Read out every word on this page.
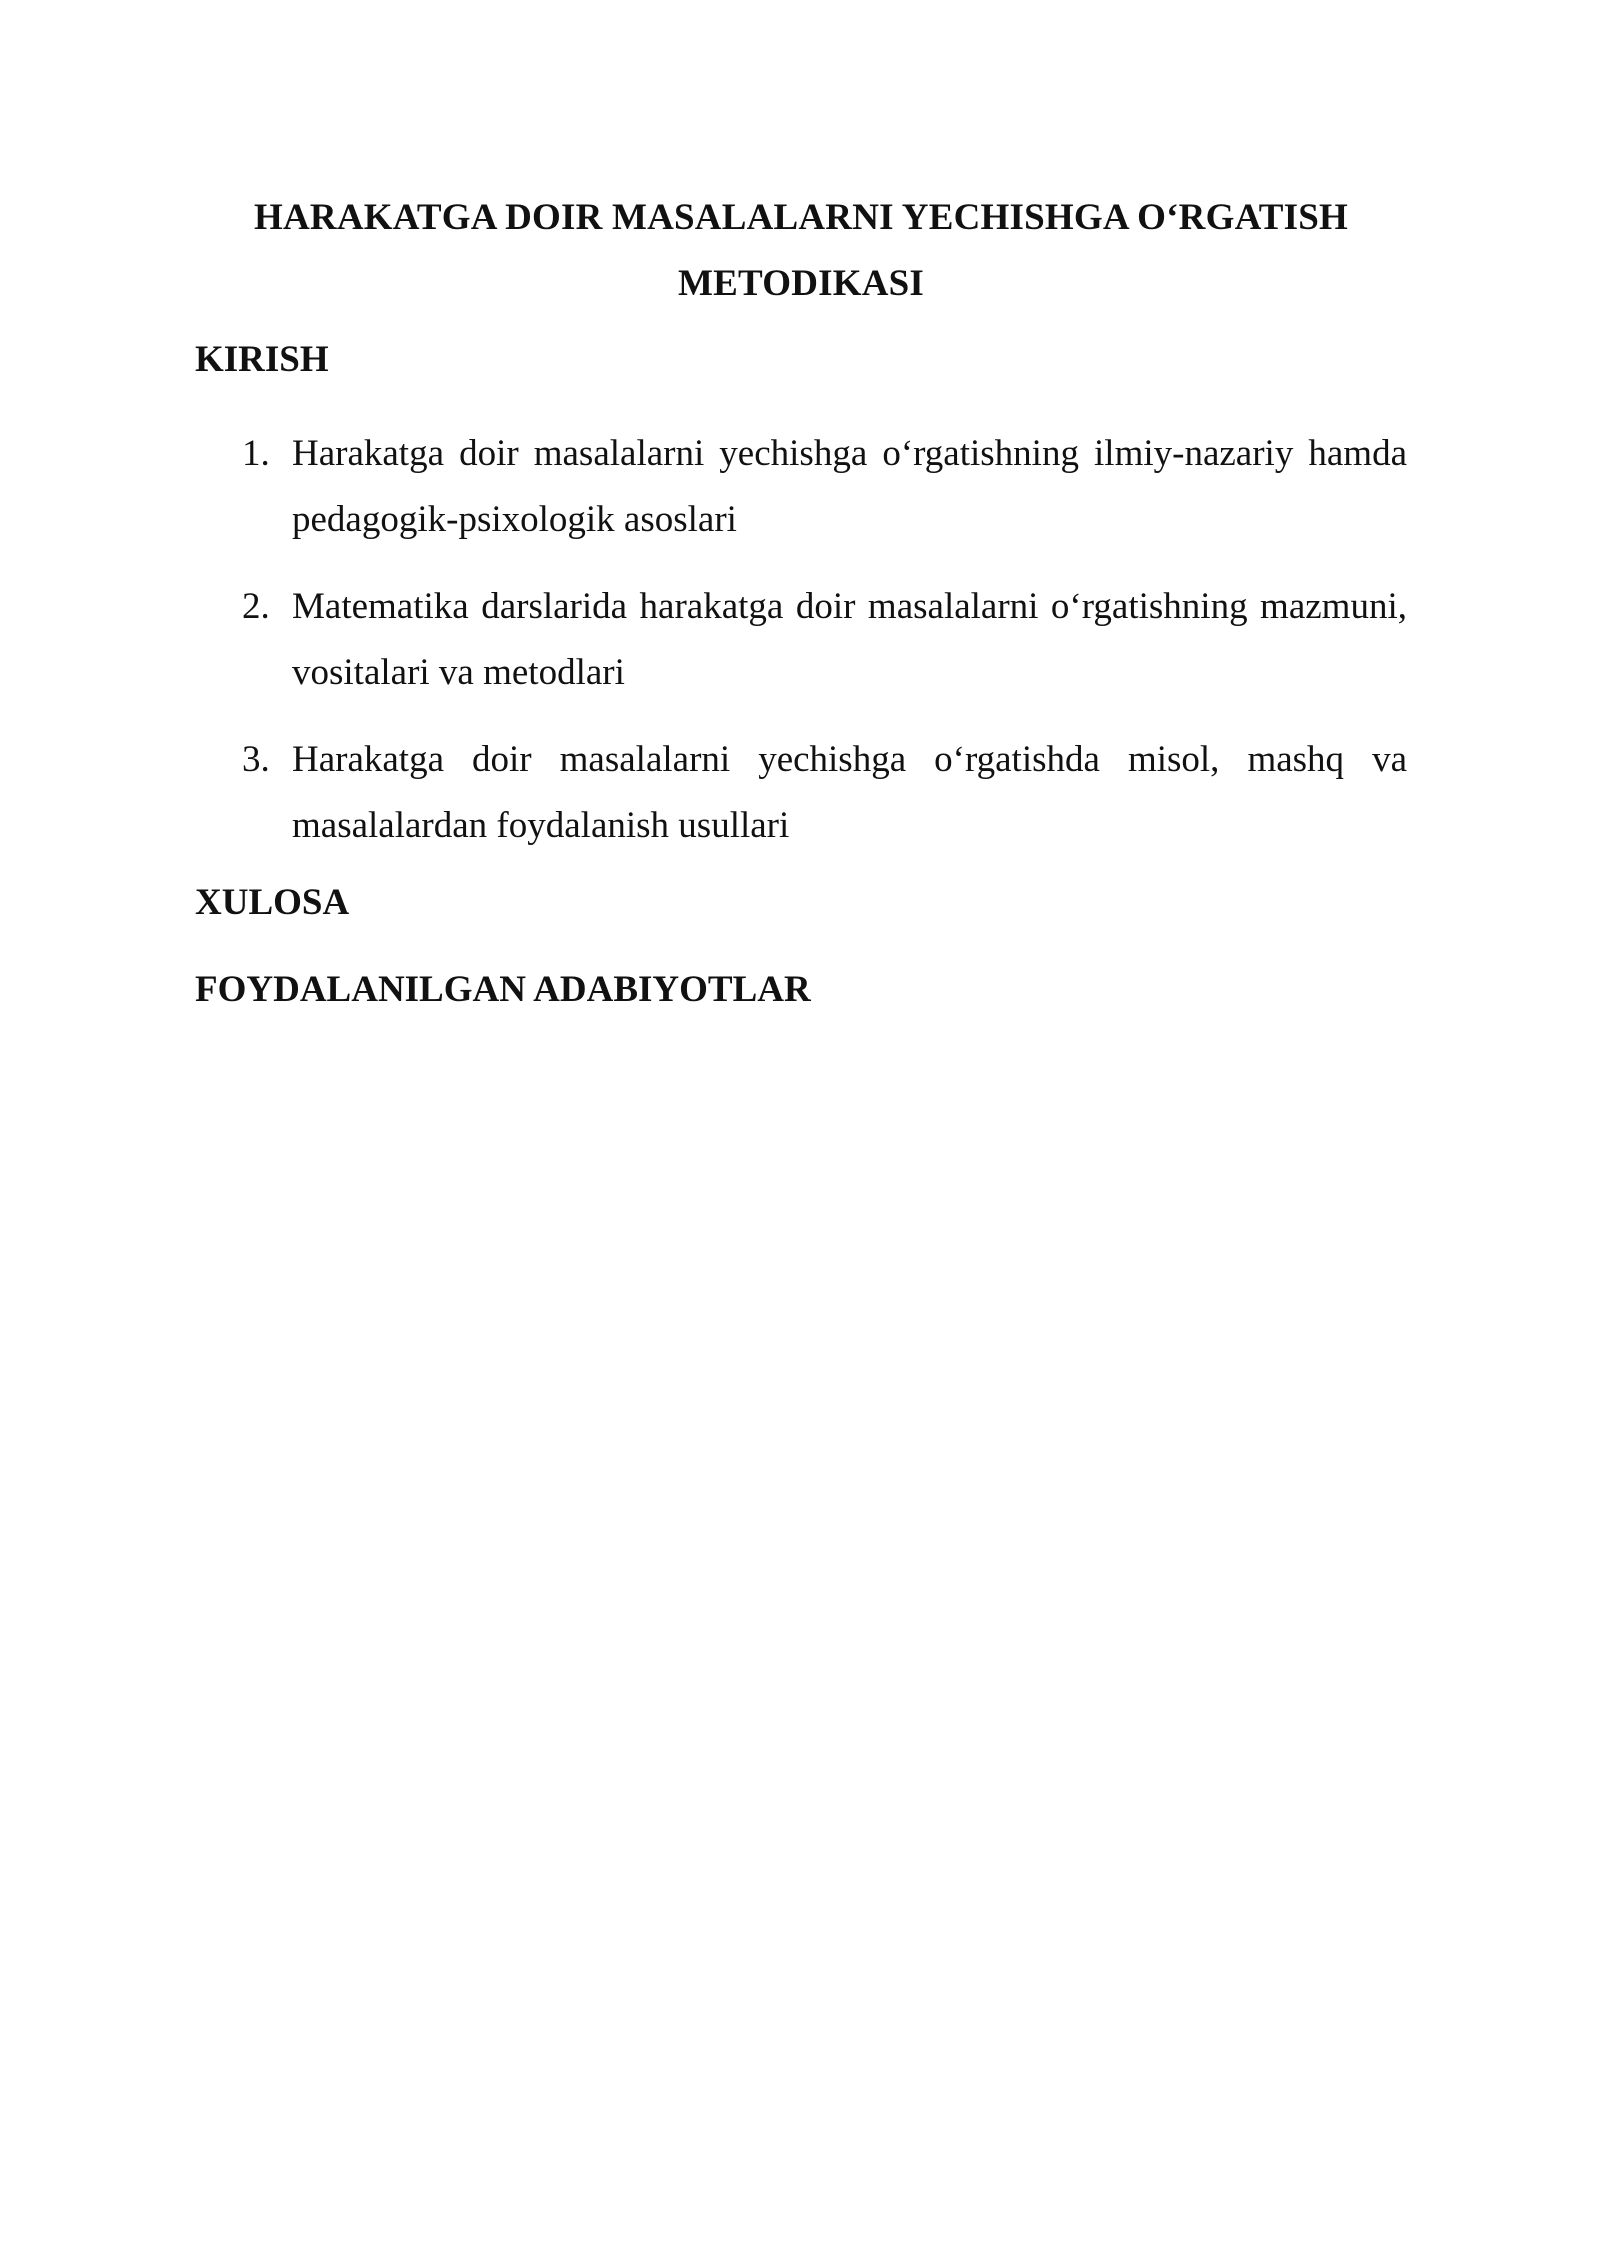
HARAKATGA DOIR MASALALARNI YECHISHGA O‘RGATISH

METODIKASI

KIRISH

1. Harakatga doir masalalarni yechishga o‘rgatishning ilmiy-nazariy hamda pedagogik-psixologik asoslari
2. Matematika darslarida harakatga doir masalalarni o‘rgatishning mazmuni, vositalari va metodlari
3. Harakatga doir masalalarni yechishga o‘rgatishda misol, mashq va masalalardan foydalanish usullari

XULOSA

FOYDALANILGAN ADABIYOTLAR
